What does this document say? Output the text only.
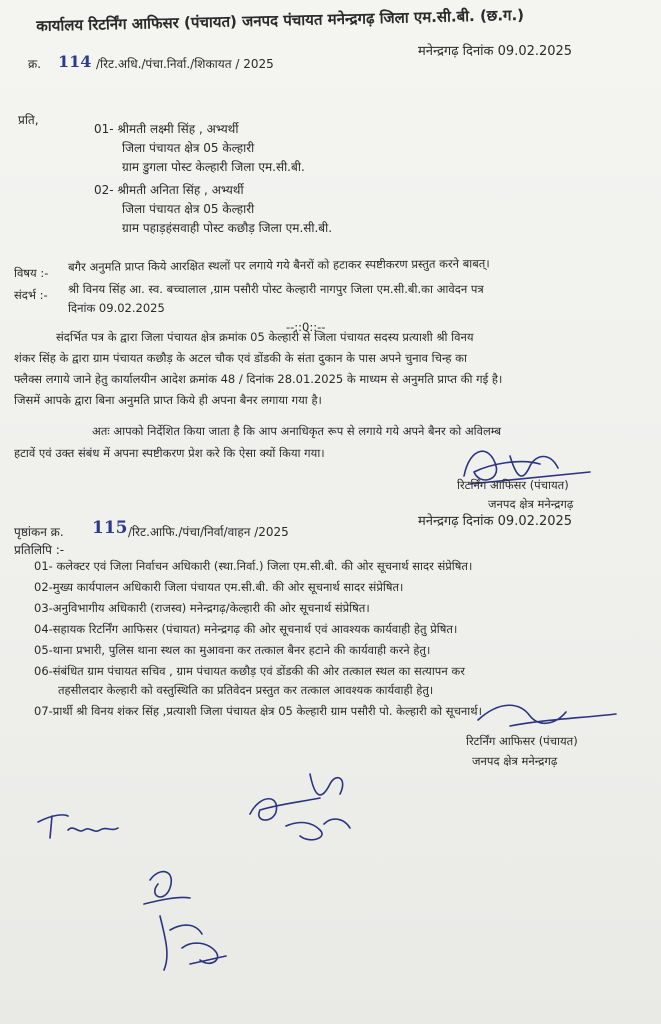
कार्यालय रिटर्निंग आफिसर (पंचायत) जनपद पंचायत मनेन्द्रगढ़ जिला एम.सी.बी. (छ.ग.)
क्र. 114 /रिट.अधि./पंचा.निर्वा./शिकायत / 2025
मनेन्द्रगढ़ दिनांक 09.02.2025
प्रति,
01- श्रीमती लक्ष्मी सिंह , अभ्यर्थी
जिला पंचायत क्षेत्र 05 केल्हारी
ग्राम डुगला पोस्ट केल्हारी जिला एम.सी.बी.
02- श्रीमती अनिता सिंह , अभ्यर्थी
जिला पंचायत क्षेत्र 05 केल्हारी
ग्राम पहाड़हंसवाही पोस्ट कछौड़ जिला एम.सी.बी.
विषय :- बगैर अनुमति प्राप्त किये आरक्षित स्थलों पर लगाये गये बैनरों को हटाकर स्पष्टीकरण प्रस्तुत करने बाबत्।
संदर्भ :- श्री विनय सिंह आ. स्व. बच्चालाल ,ग्राम पसौरी पोस्ट केल्हारी नागपुर जिला एम.सी.बी.का आवेदन पत्र
दिनांक 09.02.2025
--::0::--
संदर्भित पत्र के द्वारा जिला पंचायत क्षेत्र क्रमांक 05 केल्हारी से जिला पंचायत सदस्य प्रत्याशी श्री विनय
शंकर सिंह के द्वारा ग्राम पंचायत कछौड़ के अटल चौक एवं डोंडकी के संता दुकान के पास अपने चुनाव चिन्ह का
फ्लैक्स लगाये जाने हेतु कार्यालयीन आदेश क्रमांक 48 / दिनांक 28.01.2025 के माध्यम से अनुमति प्राप्त की गई है।
जिसमें आपके द्वारा बिना अनुमति प्राप्त किये ही अपना बैनर लगाया गया है।
अतः आपको निर्देशित किया जाता है कि आप अनाधिकृत रूप से लगाये गये अपने बैनर को अविलम्ब
हटावें एवं उक्त संबंध में अपना स्पष्टीकरण प्रेश करे कि ऐसा क्यों किया गया।
रिटर्निंग आफिसर (पंचायत)
जनपद क्षेत्र मनेन्द्रगढ़
पृष्ठांकन क्र. 115 /रिट.आफि./पंचा/निर्वा/वाहन /2025
मनेन्द्रगढ़ दिनांक 09.02.2025
प्रतिलिपि :-
01- कलेक्टर एवं जिला निर्वाचन अधिकारी (स्था.निर्वा.) जिला एम.सी.बी. की ओर सूचनार्थ सादर संप्रेषित।
02-मुख्य कार्यपालन अधिकारी जिला पंचायत एम.सी.बी. की ओर सूचनार्थ सादर संप्रेषित।
03-अनुविभागीय अधिकारी (राजस्व) मनेन्द्रगढ़/केल्हारी की ओर सूचनार्थ संप्रेषित।
04-सहायक रिटर्निंग आफिसर (पंचायत) मनेन्द्रगढ़ की ओर सूचनार्थ एवं आवश्यक कार्यवाही हेतु प्रेषित।
05-थाना प्रभारी, पुलिस थाना स्थल का मुआवना कर तत्काल बैनर हटाने की कार्यवाही करने हेतु।
06-संबंधित ग्राम पंचायत सचिव , ग्राम पंचायत कछौड़ एवं डोंडकी की ओर तत्काल स्थल का सत्यापन कर
तहसीलदार केल्हारी को वस्तुस्थिति का प्रतिवेदन प्रस्तुत कर तत्काल आवश्यक कार्यवाही हेतु।
07-प्रार्थी श्री विनय शंकर सिंह ,प्रत्याशी जिला पंचायत क्षेत्र 05 केल्हारी ग्राम पसौरी पो. केल्हारी को सूचनार्थ।
रिटर्निंग आफिसर (पंचायत)
जनपद क्षेत्र मनेन्द्रगढ़
